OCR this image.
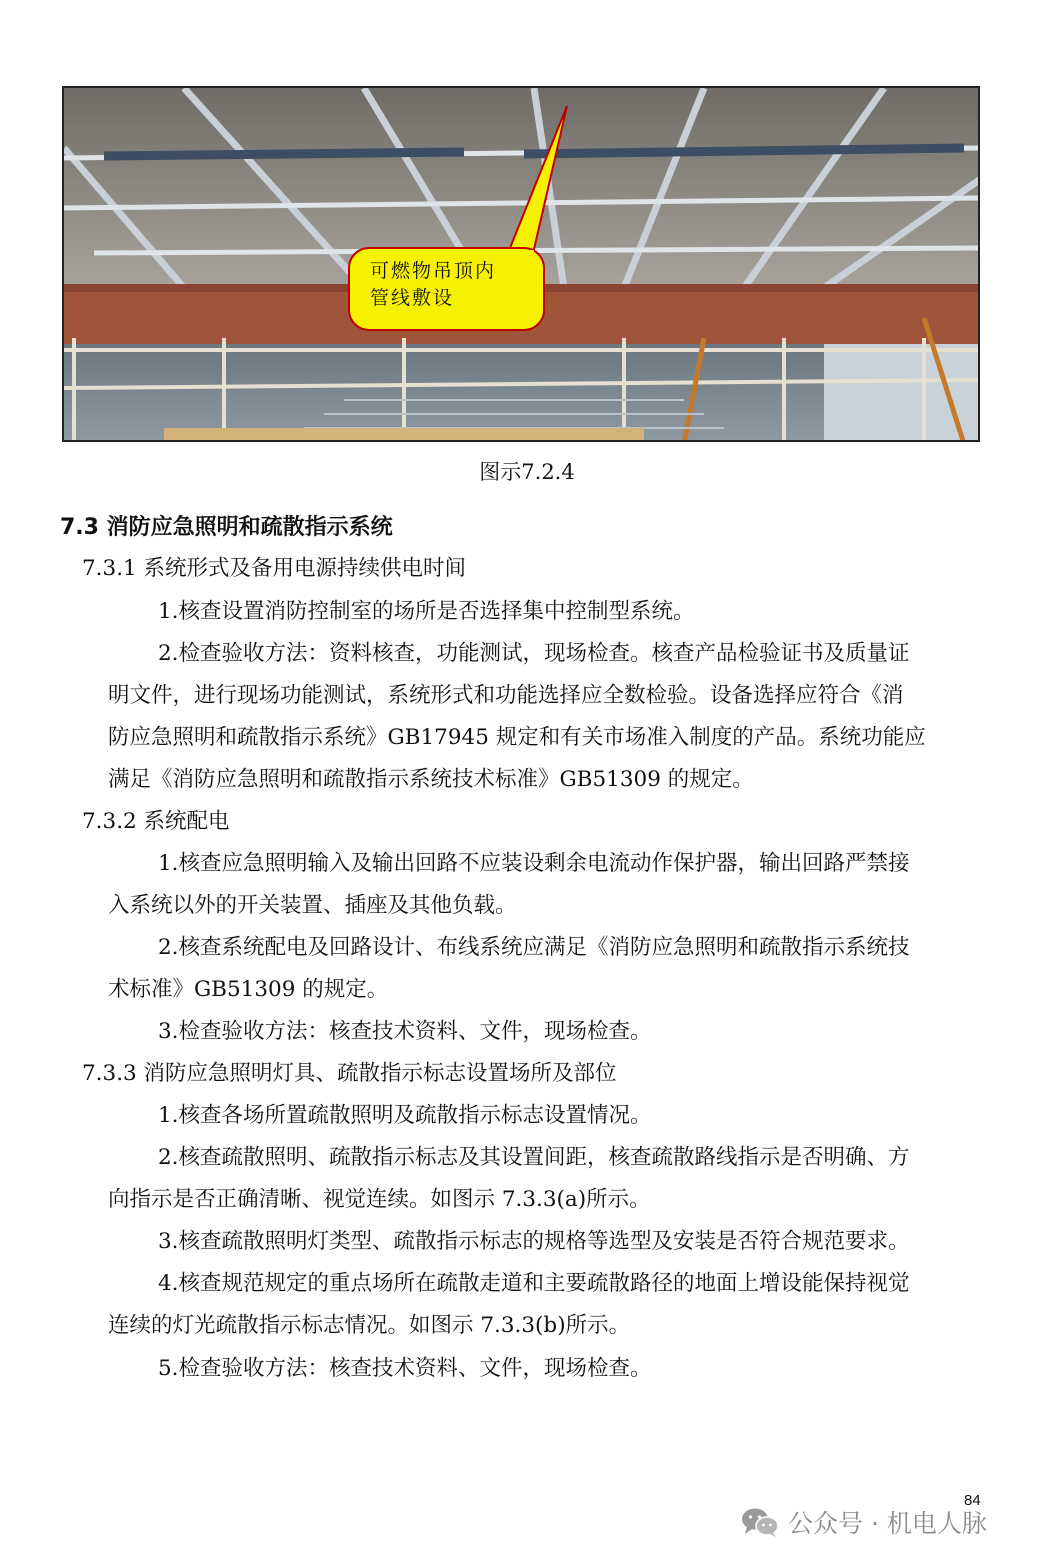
可燃物吊顶内
管线敷设
图示7.2.4
7.3 消防应急照明和疏散指示系统
7.3.1 系统形式及备用电源持续供电时间
1.核查设置消防控制室的场所是否选择集中控制型系统。
2.检查验收方法：资料核查，功能测试，现场检查。核查产品检验证书及质量证
明文件，进行现场功能测试，系统形式和功能选择应全数检验。设备选择应符合《消
防应急照明和疏散指示系统》GB17945 规定和有关市场准入制度的产品。系统功能应
满足《消防应急照明和疏散指示系统技术标准》GB51309 的规定。
7.3.2 系统配电
1.核查应急照明输入及输出回路不应装设剩余电流动作保护器，输出回路严禁接
入系统以外的开关装置、插座及其他负载。
2.核查系统配电及回路设计、布线系统应满足《消防应急照明和疏散指示系统技
术标准》GB51309 的规定。
3.检查验收方法：核查技术资料、文件，现场检查。
7.3.3 消防应急照明灯具、疏散指示标志设置场所及部位
1.核查各场所置疏散照明及疏散指示标志设置情况。
2.核查疏散照明、疏散指示标志及其设置间距，核查疏散路线指示是否明确、方
向指示是否正确清晰、视觉连续。如图示 7.3.3(a)所示。
3.核查疏散照明灯类型、疏散指示标志的规格等选型及安装是否符合规范要求。
4.核查规范规定的重点场所在疏散走道和主要疏散路径的地面上增设能保持视觉
连续的灯光疏散指示标志情况。如图示 7.3.3(b)所示。
5.检查验收方法：核查技术资料、文件，现场检查。
84
公众号 · 机电人脉
